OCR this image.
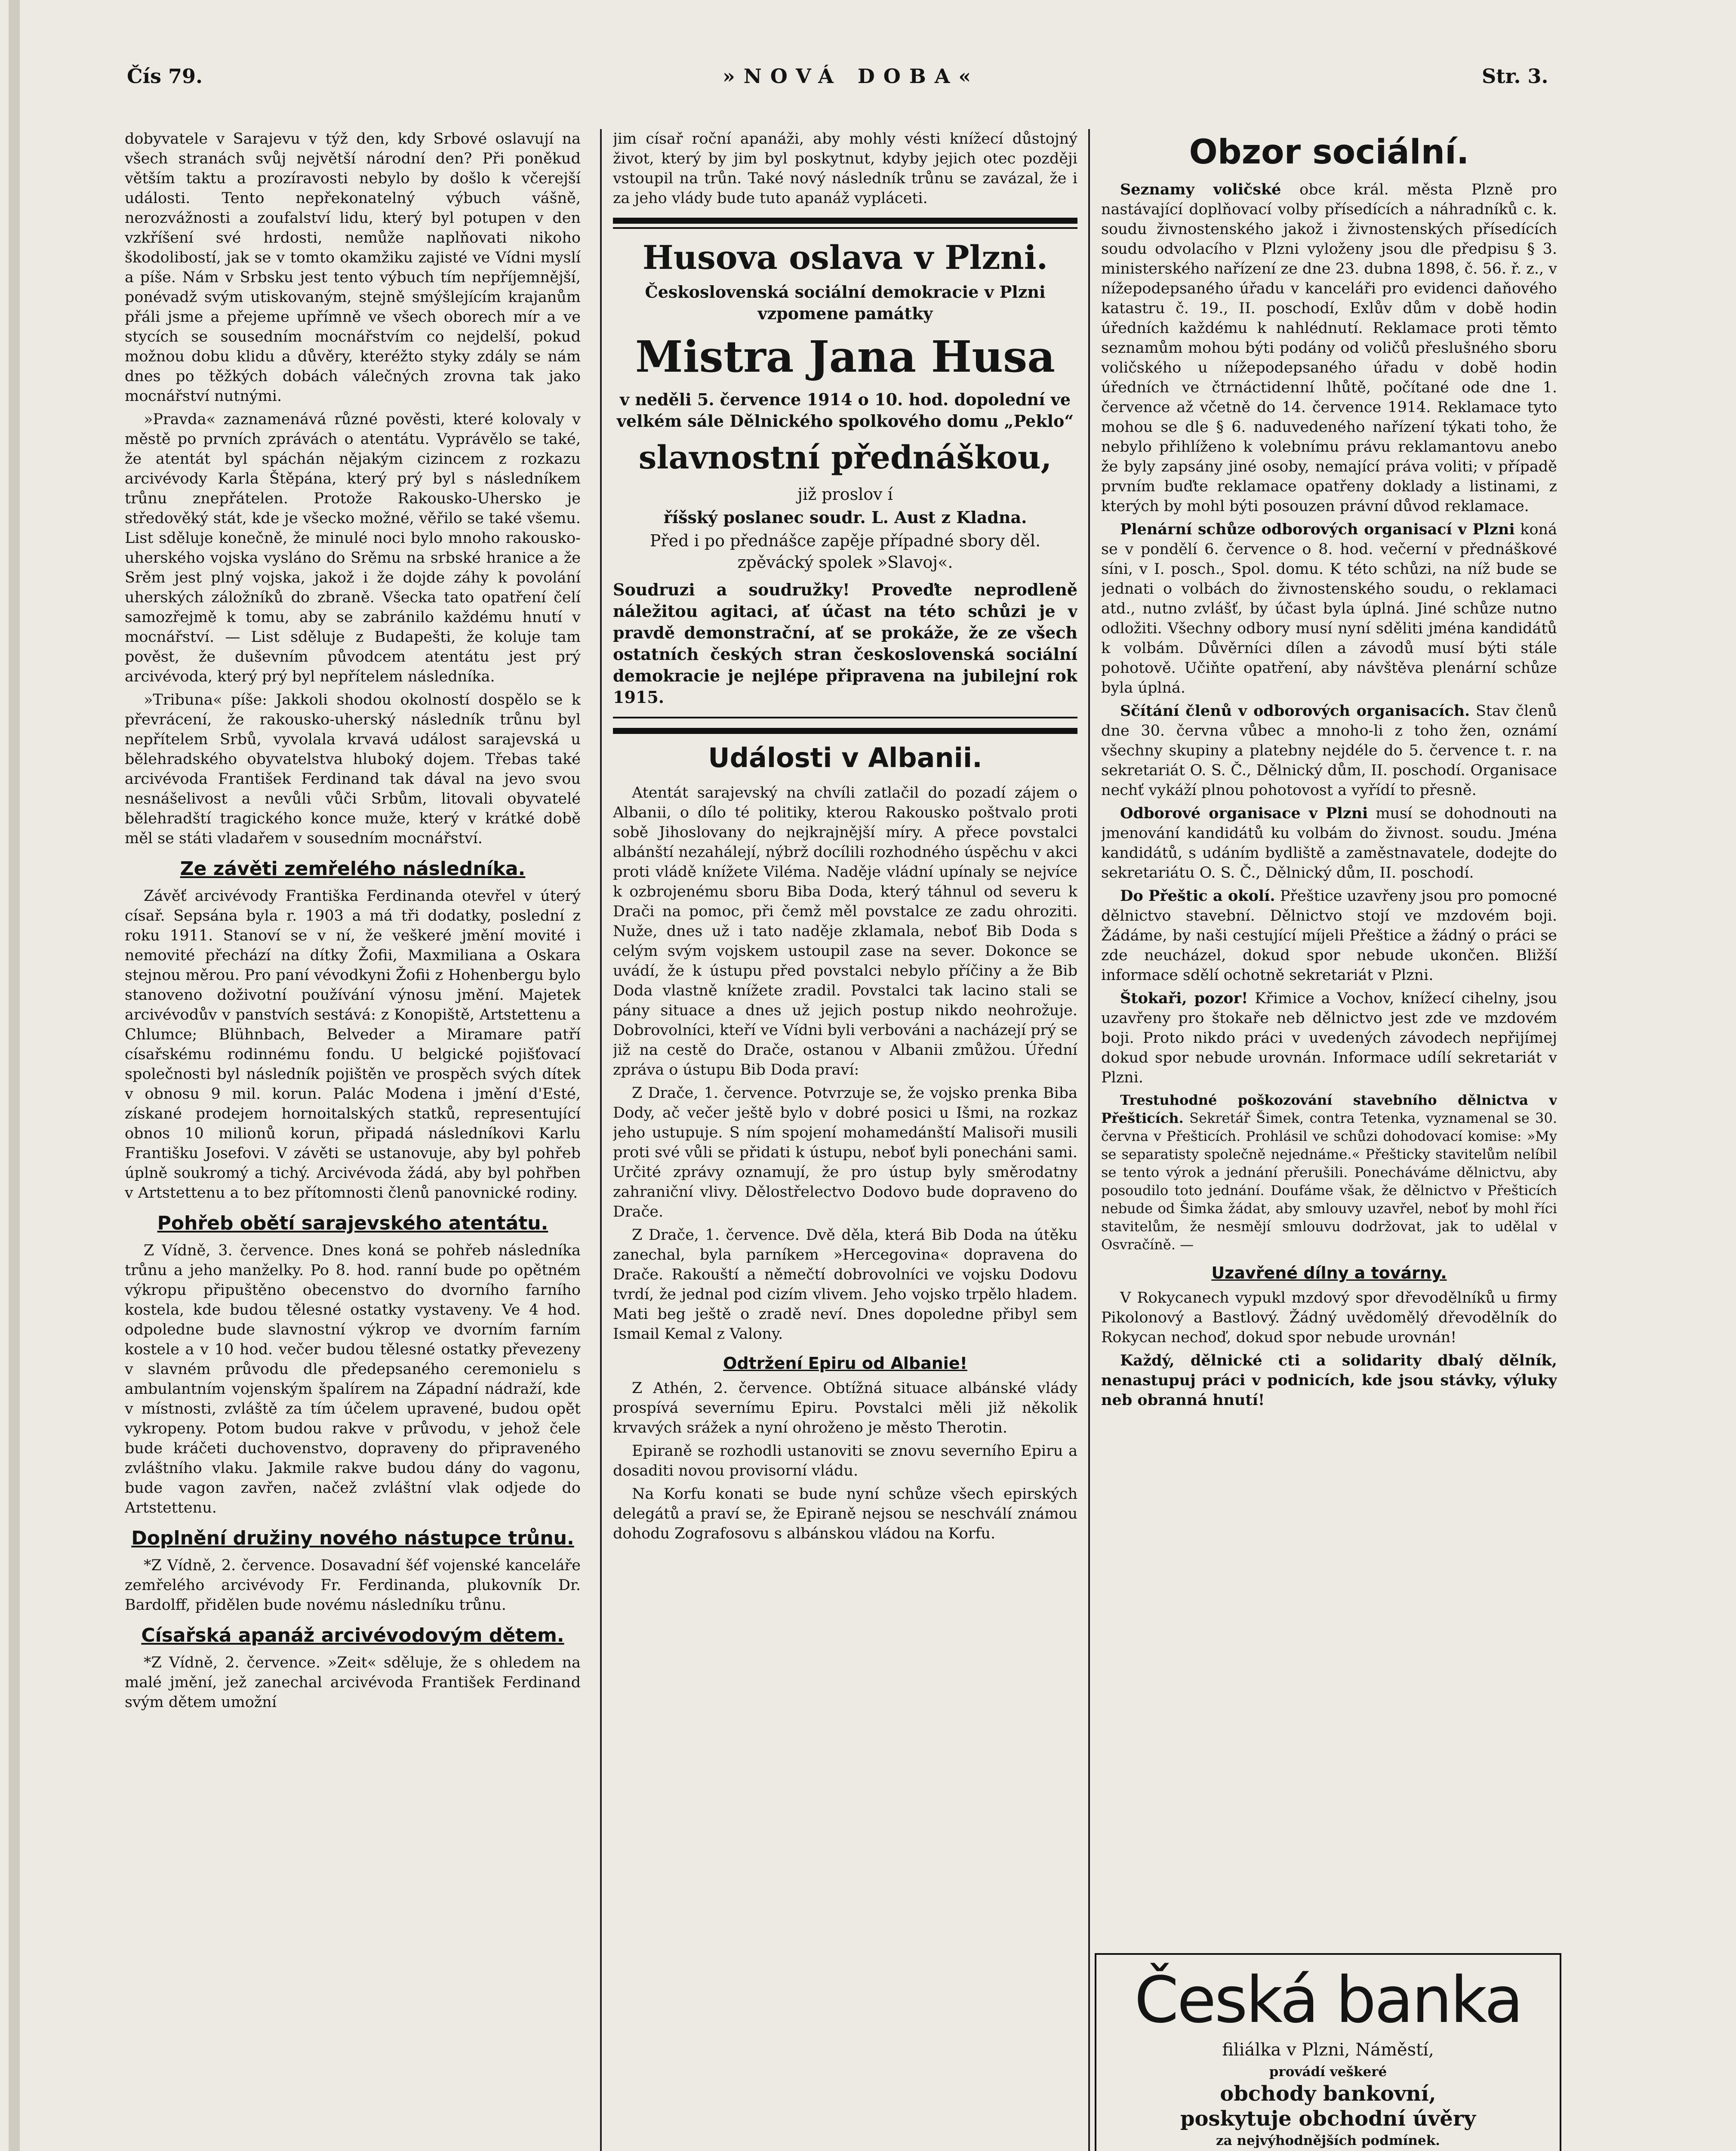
Čís 79.	»NOVÁ DOBA«	Str. 3.

dobyvatele v Sarajevu v týž den, kdy Srbové oslavují na všech stranách svůj největší národní den? Při poněkud větším taktu a prozíravosti nebylo by došlo k včerejší události. Tento nepřekonatelný výbuch vášně, nerozvážnosti a zoufalství lidu, který byl potupen v den vzkříšení své hrdosti, nemůže naplňovati nikoho škodolibostí, jak se v tomto okamžiku zajisté ve Vídni myslí a píše. Nám v Srbsku jest tento výbuch tím nepříjemnější, ponévadž svým utiskovaným, stejně smýšlejícím krajanům přáli jsme a přejeme upřímně ve všech oborech mír a ve stycích se sousedním mocnářstvím co nejdelší, pokud možnou dobu klidu a důvěry, kteréžto styky zdály se nám dnes po těžkých dobách válečných zrovna tak jako mocnářství nutnými.

»Pravda« zaznamenává různé pověsti, které kolovaly v městě po prvních zprávách o atentátu. Vyprávělo se také, že atentát byl spáchán nějakým cizincem z rozkazu arcivévody Karla Štěpána, který prý byl s následníkem trůnu znepřátelen. Protože Rakousko-Uhersko je středověký stát, kde je všecko možné, věřilo se také všemu. List sděluje konečně, že minulé noci bylo mnoho rakousko-uherského vojska vysláno do Srěmu na srbské hranice a že Srěm jest plný vojska, jakož i že dojde záhy k povolání uherských záložníků do zbraně. Všecka tato opatření čelí samozřejmě k tomu, aby se zabránilo každému hnutí v mocnářství. — List sděluje z Budapešti, že koluje tam pověst, že duševním původcem atentátu jest prý arcivévoda, který prý byl nepřítelem následníka.

»Tribuna« píše: Jakkoli shodou okolností dospělo se k převrácení, že rakousko-uherský následník trůnu byl nepřítelem Srbů, vyvolala krvavá událost sarajevská u bělehradského obyvatelstva hluboký dojem. Třebas také arcivévoda František Ferdinand tak dával na jevo svou nesnášelivost a nevůli vůči Srbům, litovali obyvatelé bělehradští tragického konce muže, který v krátké době měl se státi vladařem v sousedním mocnářství.

Ze závěti zemřelého následníka.

Závěť arcivévody Františka Ferdinanda otevřel v úterý císař. Sepsána byla r. 1903 a má tři dodatky, poslední z roku 1911. Stanoví se v ní, že veškeré jmění movité i nemovité přechází na dítky Žofii, Maxmiliana a Oskara stejnou měrou. Pro paní vévodkyni Žofii z Hohenbergu bylo stanoveno doživotní používání výnosu jmění. Majetek arcivévodův v panstvích sestává: z Konopiště, Artstettenu a Chlumce; Blühnbach, Belveder a Miramare patří císařskému rodinnému fondu. U belgické pojišťovací společnosti byl následník pojištěn ve prospěch svých dítek v obnosu 9 mil. korun. Palác Modena i jmění d'Esté, získané prodejem hornoitalských statků, representující obnos 10 milionů korun, připadá následníkovi Karlu Františku Josefovi. V závěti se ustanovuje, aby byl pohřeb úplně soukromý a tichý. Arcivévoda žádá, aby byl pohřben v Artstettenu a to bez přítomnosti členů panovnické rodiny.

Pohřeb obětí sarajevského atentátu.

Z Vídně, 3. července. Dnes koná se pohřeb následníka trůnu a jeho manželky. Po 8. hod. ranní bude po opětném výkropu připuštěno obecenstvo do dvorního farního kostela, kde budou tělesné ostatky vystaveny. Ve 4 hod. odpoledne bude slavnostní výkrop ve dvorním farním kostele a v 10 hod. večer budou tělesné ostatky převezeny v slavném průvodu dle předepsaného ceremonielu s ambulantním vojenským špalírem na Západní nádraží, kde v místnosti, zvláště za tím účelem upravené, budou opět vykropeny. Potom budou rakve v průvodu, v jehož čele bude kráčeti duchovenstvo, dopraveny do připraveného zvláštního vlaku. Jakmile rakve budou dány do vagonu, bude vagon zavřen, načež zvláštní vlak odjede do Artstettenu.

Doplnění družiny nového nástupce trůnu.

*Z Vídně, 2. července. Dosavadní šéf vojenské kanceláře zemřelého arcivévody Fr. Ferdinanda, plukovník Dr. Bardolff, přidělen bude novému následníku trůnu.

Císařská apanáž arcivévodovým dětem.

*Z Vídně, 2. července. »Zeit« sděluje, že s ohledem na malé jmění, jež zanechal arcivévoda František Ferdinand svým dětem umožní

jim císař roční apanáži, aby mohly vésti knížecí důstojný život, který by jim byl poskytnut, kdyby jejich otec později vstoupil na trůn. Také nový následník trůnu se zavázal, že i za jeho vlády bude tuto apanáž vypláceti.

Husova oslava v Plzni.
Československá sociální demokracie v Plzni vzpomene památky
Mistra Jana Husa
v neděli 5. července 1914 o 10. hod. dopolední ve velkém sále Dělnického spolkového domu „Peklo“
slavnostní přednáškou,
již proslov í
říšský poslanec soudr. L. Aust z Kladna.
Před i po přednášce zapěje případné sbory děl. zpěvácký spolek »Slavoj«.

Soudruzi a soudružky! Proveďte neprodleně náležitou agitaci, ať účast na této schůzi je v pravdě demonstrační, ať se prokáže, že ze všech ostatních českých stran československá sociální demokracie je nejlépe připravena na jubilejní rok 1915.

Události v Albanii.

Atentát sarajevský na chvíli zatlačil do pozadí zájem o Albanii, o dílo té politiky, kterou Rakousko poštvalo proti sobě Jihoslovany do nejkrajnější míry. A přece povstalci albánští nezahálejí, nýbrž docílili rozhodného úspěchu v akci proti vládě knížete Viléma. Naděje vládní upínaly se nejvíce k ozbrojenému sboru Biba Doda, který táhnul od severu k Drači na pomoc, při čemž měl povstalce ze zadu ohroziti. Nuže, dnes už i tato naděje zklamala, neboť Bib Doda s celým svým vojskem ustoupil zase na sever. Dokonce se uvádí, že k ústupu před povstalci nebylo příčiny a že Bib Doda vlastně knížete zradil. Povstalci tak lacino stali se pány situace a dnes už jejich postup nikdo neohrožuje. Dobrovolníci, kteří ve Vídni byli verbováni a nacházejí prý se již na cestě do Drače, ostanou v Albanii zmůžou. Úřední zpráva o ústupu Bib Doda praví:

Z Drače, 1. července. Potvrzuje se, že vojsko prenka Biba Dody, ač večer ještě bylo v dobré posici u Išmi, na rozkaz jeho ustupuje. S ním spojení mohamedánští Malisoři musili proti své vůli se přidati k ústupu, neboť byli ponecháni sami. Určité zprávy oznamují, že pro ústup byly směrodatny zahraniční vlivy. Dělostřelectvo Dodovo bude dopraveno do Drače.

Z Drače, 1. července. Dvě děla, která Bib Doda na útěku zanechal, byla parníkem »Hercegovina« dopravena do Drače. Rakouští a němečtí dobrovolníci ve vojsku Dodovu tvrdí, že jednal pod cizím vlivem. Jeho vojsko trpělo hladem. Mati beg ještě o zradě neví. Dnes dopoledne přibyl sem Ismail Kemal z Valony.

Odtržení Epiru od Albanie!

Z Athén, 2. července. Obtížná situace albánské vlády prospívá severnímu Epiru. Povstalci měli již několik krvavých srážek a nyní ohroženo je město Therotin.

Epiraně se rozhodli ustanoviti se znovu severního Epiru a dosaditi novou provisorní vládu.

Na Korfu konati se bude nyní schůze všech epirských delegátů a praví se, že Epiraně nejsou se neschválí známou dohodu Zografosovu s albánskou vládou na Korfu.

Obzor sociální.

Seznamy voličské obce král. města Plzně pro nastávající doplňovací volby přísedících a náhradníků c. k. soudu živnostenského jakož i živnostenských přísedících soudu odvolacího v Plzni vyloženy jsou dle předpisu § 3. ministerského nařízení ze dne 23. dubna 1898, č. 56. ř. z., v nížepodepsaného úřadu v kanceláři pro evidenci daňového katastru č. 19., II. poschodí, Exlův dům v době hodin úředních každému k nahlédnutí. Reklamace proti těmto seznamům mohou býti podány od voličů přeslušného sboru voličského u nížepodepsaného úřadu v době hodin úředních ve čtrnáctidenní lhůtě, počítané ode dne 1. července až včetně do 14. července 1914. Reklamace tyto mohou se dle § 6. naduvedeného nařízení týkati toho, že nebylo přihlíženo k volebnímu právu reklamantovu anebo že byly zapsány jiné osoby, nemající práva voliti; v případě prvním buďte reklamace opatřeny doklady a listinami, z kterých by mohl býti posouzen právní důvod reklamace.

Plenární schůze odborových organisací v Plzni koná se v pondělí 6. července o 8. hod. večerní v přednáškové síni, v I. posch., Spol. domu. K této schůzi, na níž bude se jednati o volbách do živnostenského soudu, o reklamaci atd., nutno zvlášť, by účast byla úplná. Jiné schůze nutno odložiti. Všechny odbory musí nyní sděliti jména kandidátů k volbám. Důvěrníci dílen a závodů musí býti stále pohotově. Učiňte opatření, aby návštěva plenární schůze byla úplná.

Sčítání členů v odborových organisacích. Stav členů dne 30. června vůbec a mnoho-li z toho žen, oznámí všechny skupiny a platebny nejdéle do 5. července t. r. na sekretariát O. S. Č., Dělnický dům, II. poschodí. Organisace nechť vykáží plnou pohotovost a vyřídí to přesně.

Odborové organisace v Plzni musí se dohodnouti na jmenování kandidátů ku volbám do živnost. soudu. Jména kandidátů, s udáním bydliště a zaměstnavatele, dodejte do sekretariátu O. S. Č., Dělnický dům, II. poschodí.

Do Přeštic a okolí. Přeštice uzavřeny jsou pro pomocné dělnictvo stavební. Dělnictvo stojí ve mzdovém boji. Žádáme, by naši cestující míjeli Přeštice a žádný o práci se zde neucházel, dokud spor nebude ukončen. Bližší informace sdělí ochotně sekretariát v Plzni.

Štokaři, pozor! Křimice a Vochov, knížecí cihelny, jsou uzavřeny pro štokaře neb dělnictvo jest zde ve mzdovém boji. Proto nikdo práci v uvedených závodech nepřijímej dokud spor nebude urovnán. Informace udílí sekretariát v Plzni.

Trestuhodné poškozování stavebního dělnictva v Přešticích. Sekretář Šimek, contra Tetenka, vyznamenal se 30. června v Přešticích. Prohlásil ve schůzi dohodovací komise: »My se separatisty společně nejednáme.« Přešticky stavitelům nelíbil se tento výrok a jednání přerušili. Ponecháváme dělnictvu, aby posoudilo toto jednání. Doufáme však, že dělnictvo v Přešticích nebude od Šimka žádat, aby smlouvy uzavřel, neboť by mohl říci stavitelům, že nesmějí smlouvu dodržovat, jak to udělal v Osvračíně. —

Uzavřené dílny a továrny.

V Rokycanech vypukl mzdový spor dřevodělníků u firmy Pikolonový a Bastlový. Žádný uvědomělý dřevodělník do Rokycan nechoď, dokud spor nebude urovnán!

Každý, dělnické cti a solidarity dbalý dělník, nenastupuj práci v podnicích, kde jsou stávky, výluky neb obranná hnutí!

Česká banka
filiálka v Plzni, Náměstí,
provádí veškeré
obchody bankovní,
poskytuje obchodní úvěry
za nejvýhodnějších podmínek.
